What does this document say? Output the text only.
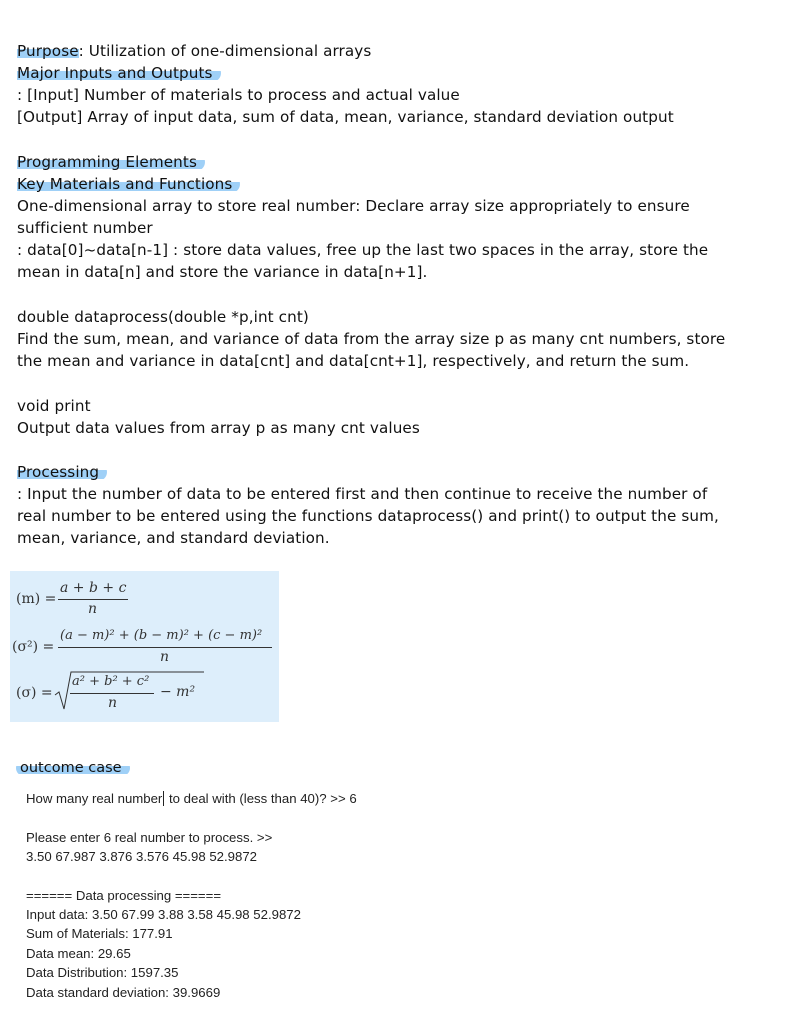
Purpose: Utilization of one-dimensional arrays
Major Inputs and Outputs
: [Input] Number of materials to process and actual value
[Output] Array of input data, sum of data, mean, variance, standard deviation output
Programming Elements
Key Materials and Functions
One-dimensional array to store real number: Declare array size appropriately to ensure
sufficient number
: data[0]~data[n-1] : store data values, free up the last two spaces in the array, store the
mean in data[n] and store the variance in data[n+1].
double dataprocess(double *p,int cnt)
Find the sum, mean, and variance of data from the array size p as many cnt numbers, store
the mean and variance in data[cnt] and data[cnt+1], respectively, and return the sum.
void print
Output data values from array p as many cnt values
Processing
: Input the number of data to be entered first and then continue to receive the number of
real number to be entered using the functions dataprocess() and print() to output the sum,
mean, variance, and standard deviation.
(m) =
a + b + c
n
(σ²) =
(a − m)² + (b − m)² + (c − m)²
n
(σ) =
a² + b² + c²
n
− m²
outcome case
How many real number to deal with (less than 40)? >> 6
Please enter 6 real number to process. >>
3.50 67.987 3.876 3.576 45.98 52.9872
====== Data processing ======
Input data: 3.50 67.99 3.88 3.58 45.98 52.9872
Sum of Materials: 177.91
Data mean: 29.65
Data Distribution: 1597.35
Data standard deviation: 39.9669
